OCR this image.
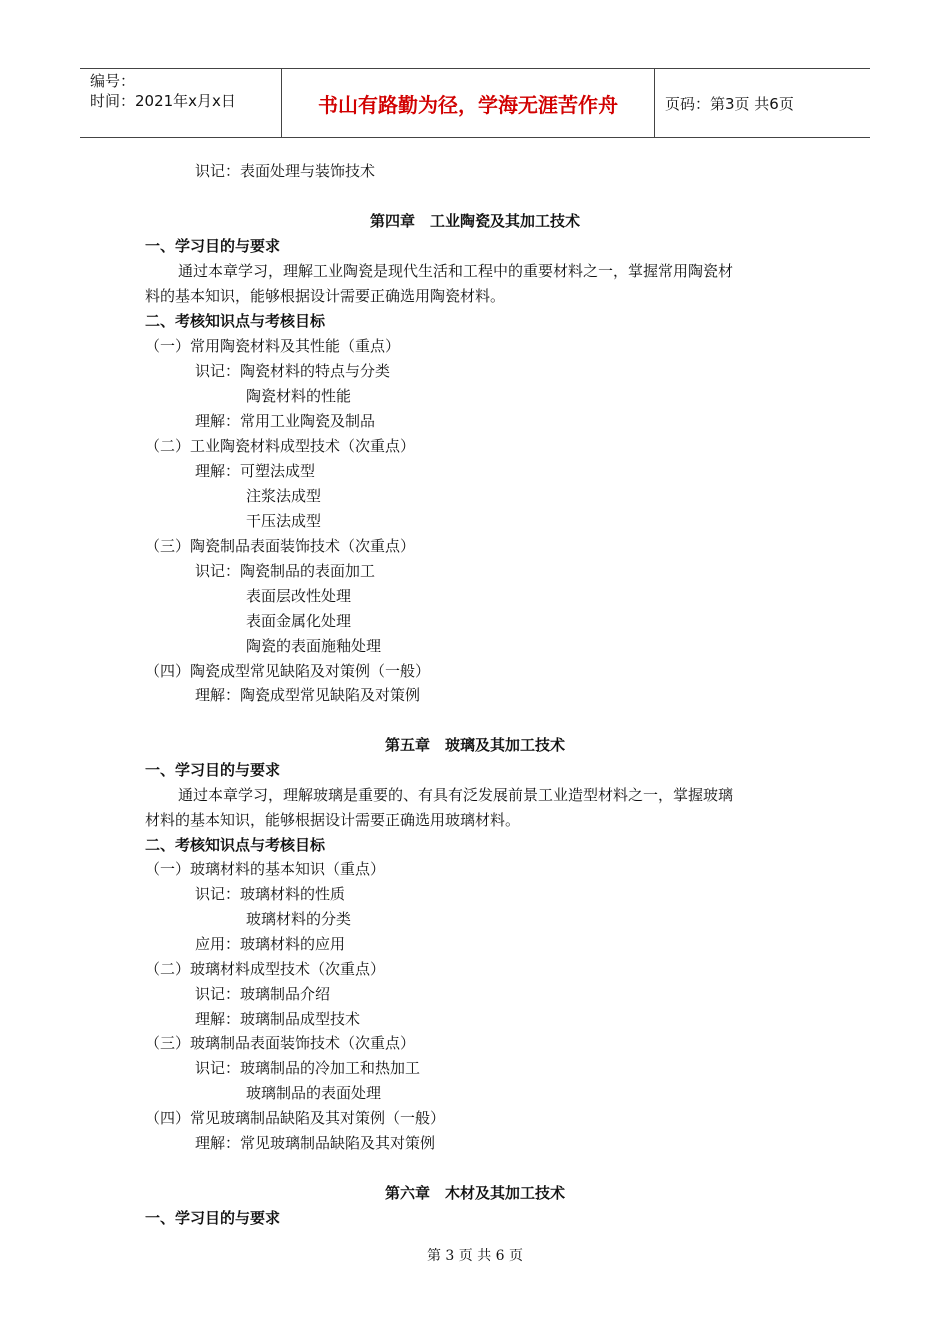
编号：
时间：2021年x月x日	书山有路勤为径，学海无涯苦作舟	页码：第3页 共6页
识记：表面处理与装饰技术
第四章　工业陶瓷及其加工技术
一、学习目的与要求
通过本章学习，理解工业陶瓷是现代生活和工程中的重要材料之一，掌握常用陶瓷材
料的基本知识，能够根据设计需要正确选用陶瓷材料。
二、考核知识点与考核目标
（一）常用陶瓷材料及其性能（重点）
识记：陶瓷材料的特点与分类
陶瓷材料的性能
理解：常用工业陶瓷及制品
（二）工业陶瓷材料成型技术（次重点）
理解：可塑法成型
注浆法成型
干压法成型
（三）陶瓷制品表面装饰技术（次重点）
识记：陶瓷制品的表面加工
表面层改性处理
表面金属化处理
陶瓷的表面施釉处理
（四）陶瓷成型常见缺陷及对策例（一般）
理解：陶瓷成型常见缺陷及对策例
第五章　玻璃及其加工技术
一、学习目的与要求
通过本章学习，理解玻璃是重要的、有具有泛发展前景工业造型材料之一，掌握玻璃
材料的基本知识，能够根据设计需要正确选用玻璃材料。
二、考核知识点与考核目标
（一）玻璃材料的基本知识（重点）
识记：玻璃材料的性质
玻璃材料的分类
应用：玻璃材料的应用
（二）玻璃材料成型技术（次重点）
识记：玻璃制品介绍
理解：玻璃制品成型技术
（三）玻璃制品表面装饰技术（次重点）
识记：玻璃制品的冷加工和热加工
玻璃制品的表面处理
（四）常见玻璃制品缺陷及其对策例（一般）
理解：常见玻璃制品缺陷及其对策例
第六章　木材及其加工技术
一、学习目的与要求
第 3 页 共 6 页
